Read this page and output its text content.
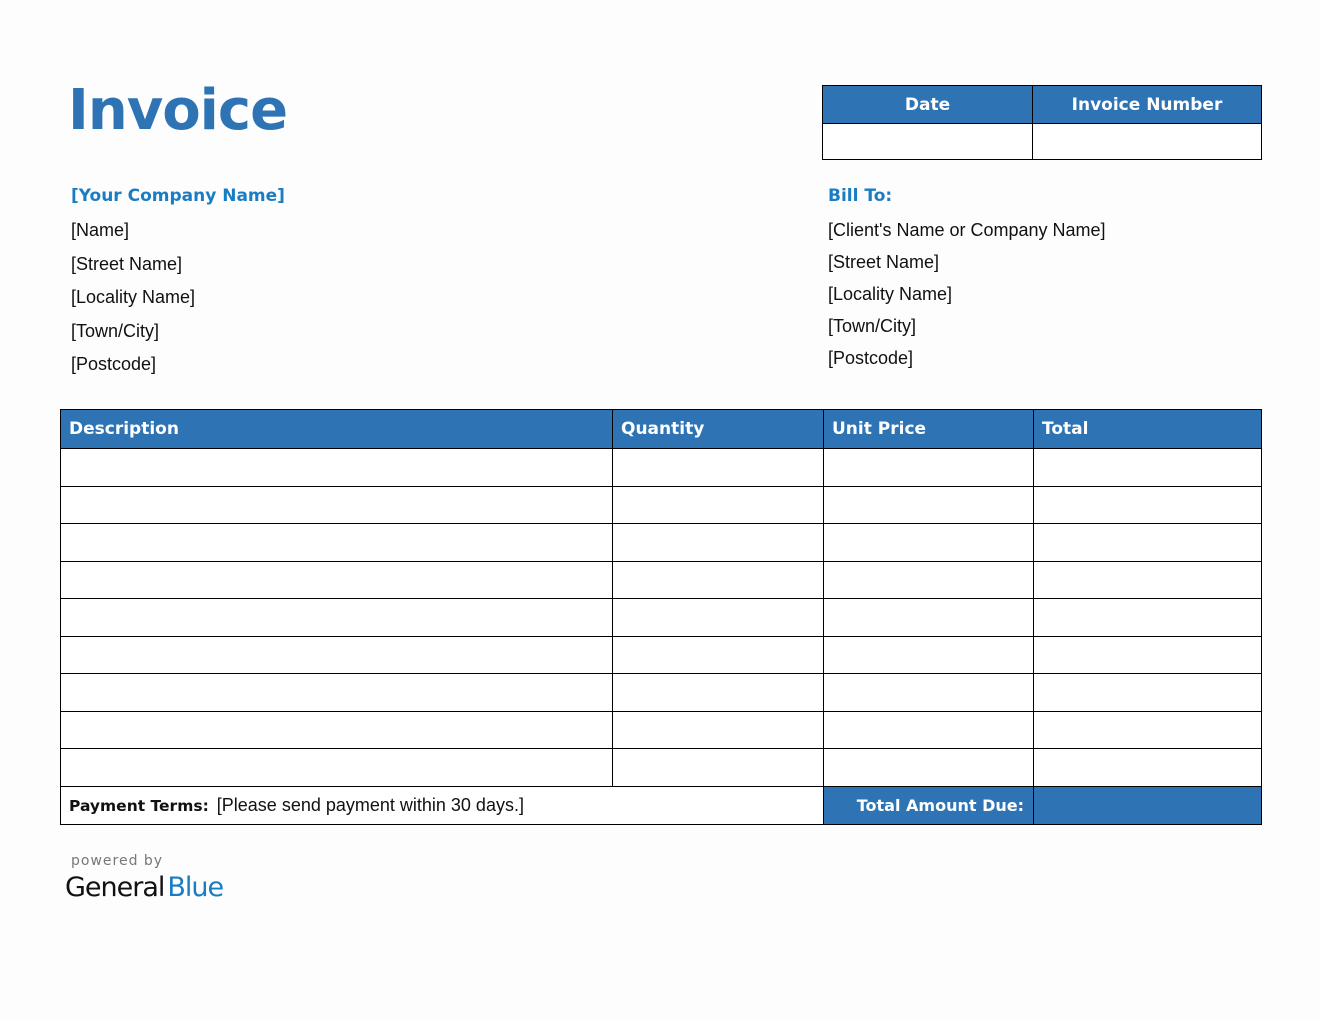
Invoice	Date	Invoice Number

[Your Company Name]
[Name]
[Street Name]
[Locality Name]
[Town/City]
[Postcode]
Bill To:
[Client's Name or Company Name]
[Street Name]
[Locality Name]
[Town/City]
[Postcode]
Description	Quantity	Unit Price	Total

Payment Terms: [Please send payment within 30 days.]		Total Amount Due:	
powered by
General Blue
